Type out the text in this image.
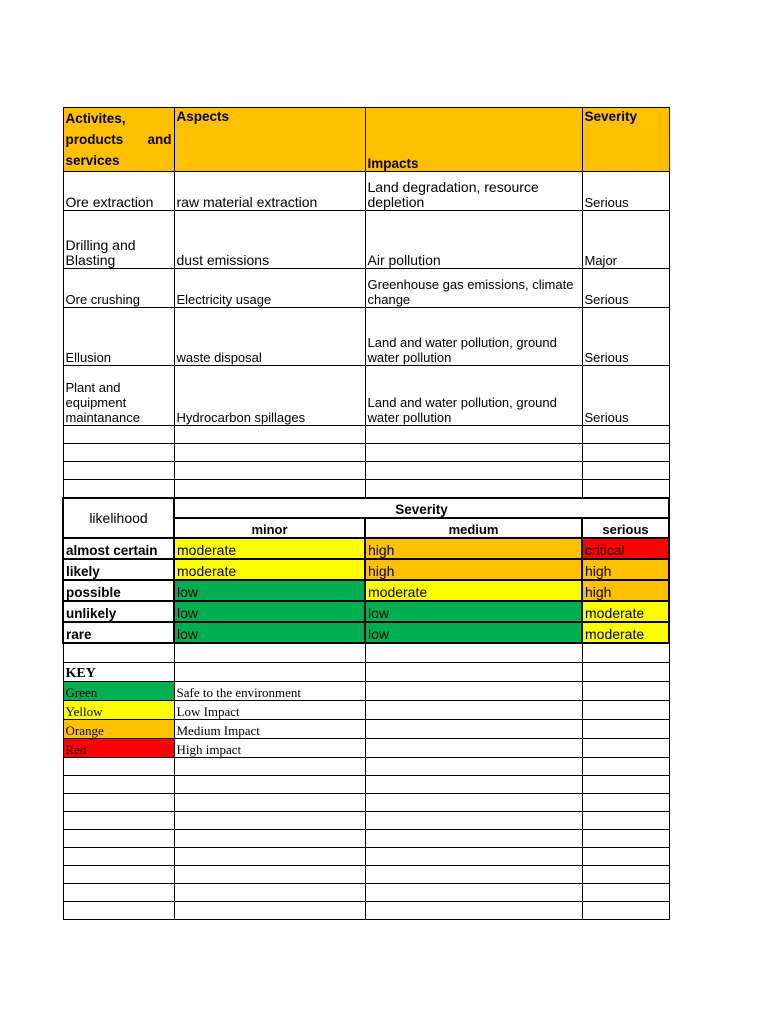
Activites,
products and
services	Aspects	Impacts	Severity
Ore extraction	raw material extraction	Land degradation, resource depletion	Serious
Drilling and Blasting	dust emissions	Air pollution	Major
Ore crushing	Electricity usage	Greenhouse gas emissions, climate change	Serious
Ellusion	waste disposal	Land and water pollution, ground water pollution	Serious
Plant and equipment maintanance	Hydrocarbon spillages	Land and water pollution, ground water pollution	Serious

likelihood	Severity		
	minor	medium	serious
almost certain	moderate	high	critical
likely	moderate	high	high
possible	low	moderate	high
unlikely	low	low	moderate
rare	low	low	moderate

KEY			
Green	Safe to the environment		
Yellow	Low Impact		
Orange	Medium Impact		
Red	High impact		
